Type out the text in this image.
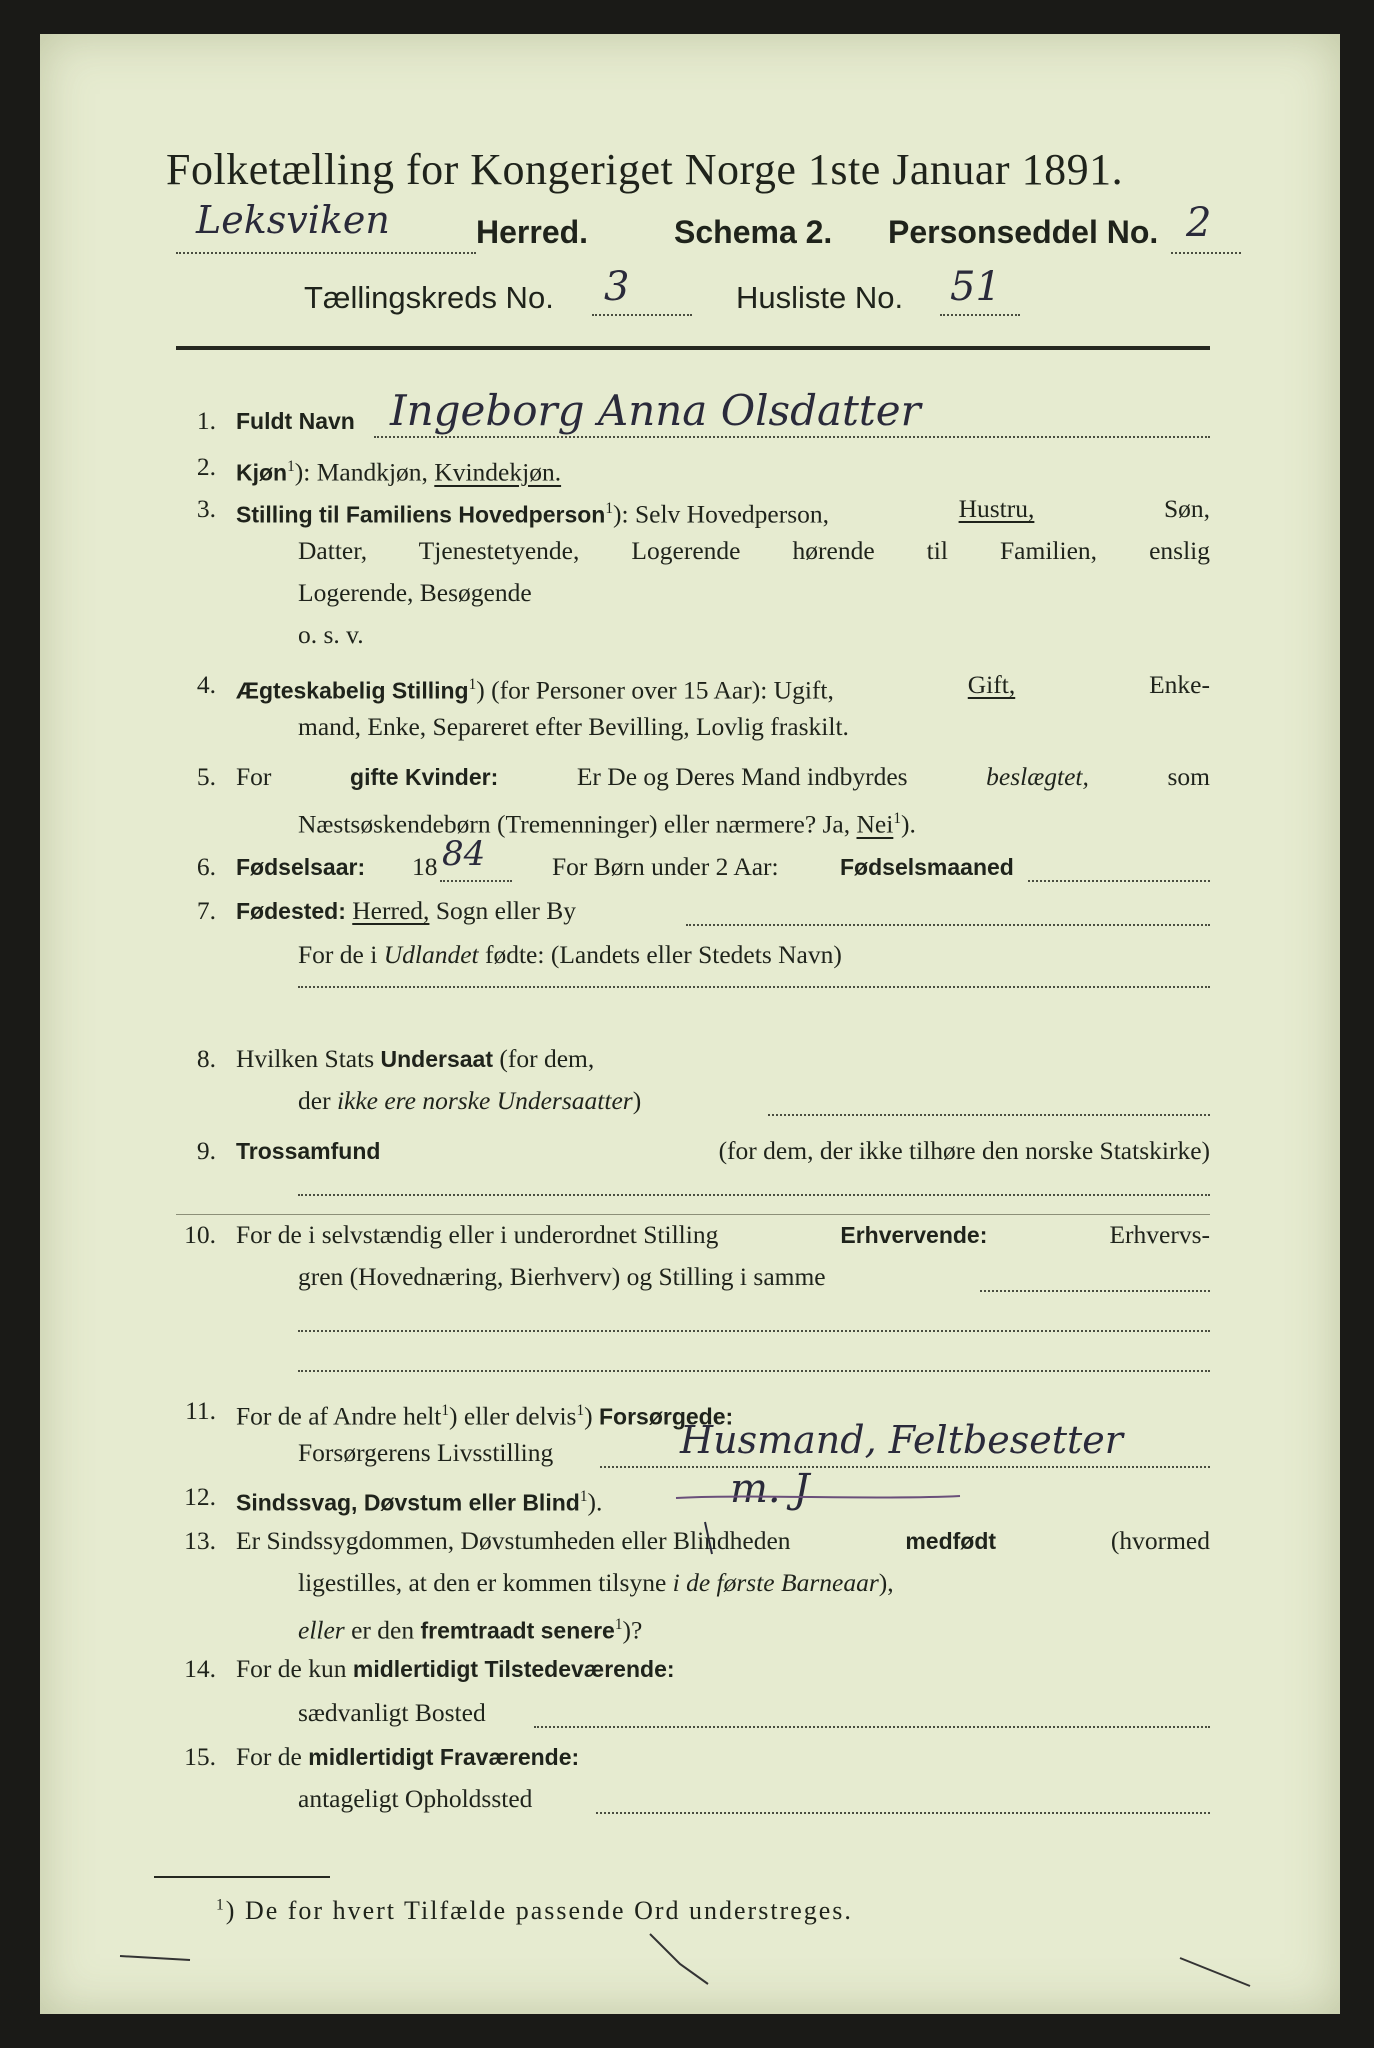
Folketælling for Kongeriget Norge 1ste Januar 1891.
Leksviken	Herred.	Schema 2. Personseddel No. 2
Tællingskreds No. 3	Husliste No. 51
1. Fuldt Navn Ingeborg Anna Olsdatter
2. Kjøn$^1$): Mandkjøn, Kvindekjøn.
3. Stilling til Familiens Hovedperson$^1$): Selv Hovedperson,	Hustru,	Søn,
Datter, Tjenestetyende, Logerende hørende til Familien, enslig
Logerende, Besøgende
o. s. v.
4. Ægteskabelig Stilling$^1$) (for Personer over 15 Aar): Ugift,	Gift,	Enke-
mand, Enke, Separeret efter Bevilling, Lovlig fraskilt.
5. For	gifte Kvinder:	Er De og Deres Mand indbyrdes	beslægtet,	som
Næstsøskendebørn (Tremenninger) eller nærmere? Ja, Nei$^1$).
6. Fødselsaar: 18 84	For Børn under 2 Aar:	Fødselsmaaned
7. Fødested: Herred, Sogn eller By
For de i Udlandet fødte: (Landets eller Stedets Navn)
8. Hvilken Stats Undersaat (for dem,
der ikke ere norske Undersaatter)
9. Trossamfund	(for dem, der ikke tilhøre den norske Statskirke)
10. For de i selvstændig eller i underordnet Stilling	Erhvervende:	Erhvervs-
gren (Hovednæring, Bierhverv) og Stilling i samme
11. For de af Andre helt$^1$) eller delvis$^1$) Forsørgede:
Forsørgerens Livsstilling	Husmand, Feltbesetter
12. Sindssvag, Døvstum eller Blind$^1$).	m. J
13. Er Sindssygdommen, Døvstumheden eller Blindheden	medfødt	(hvormed
ligestilles, at den er kommen tilsyne i de første Barneaar),
eller er den fremtraadt senere$^1$)?
14. For de kun midlertidigt Tilstedeværende:
sædvanligt Bosted
15. For de midlertidigt Fraværende:
antageligt Opholdssted
$^1$) De for hvert Tilfælde passende Ord understreges.
